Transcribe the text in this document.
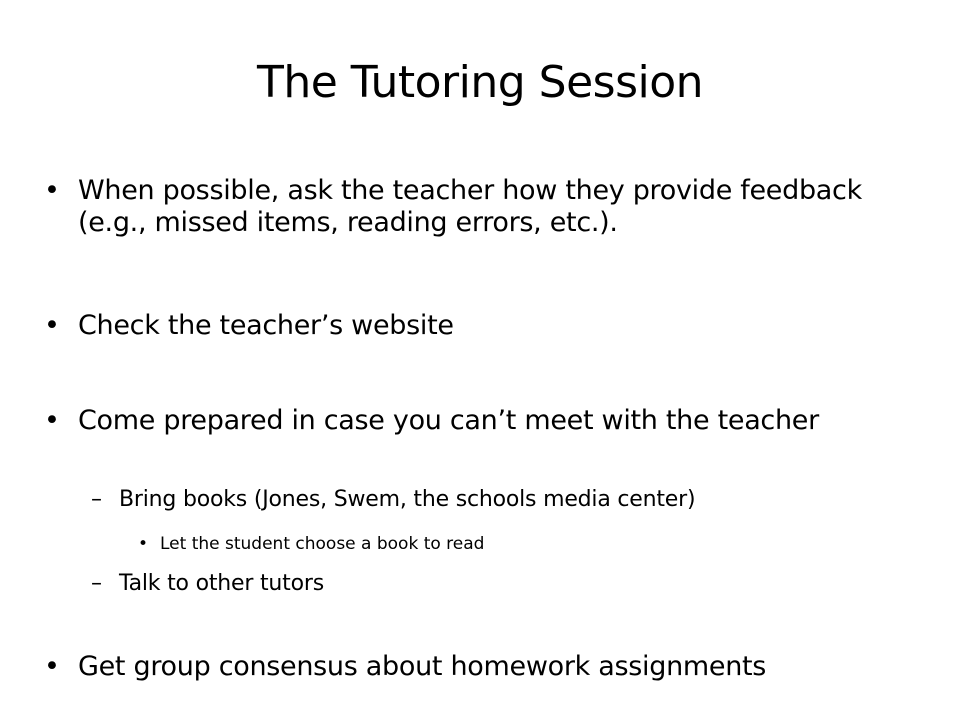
The Tutoring Session
• When possible, ask the teacher how they provide feedback (e.g., missed items, reading errors, etc.).
• Check the teacher’s website
• Come prepared in case you can’t meet with the teacher
– Bring books (Jones, Swem, the schools media center)
• Let the student choose a book to read
– Talk to other tutors
• Get group consensus about homework assignments
